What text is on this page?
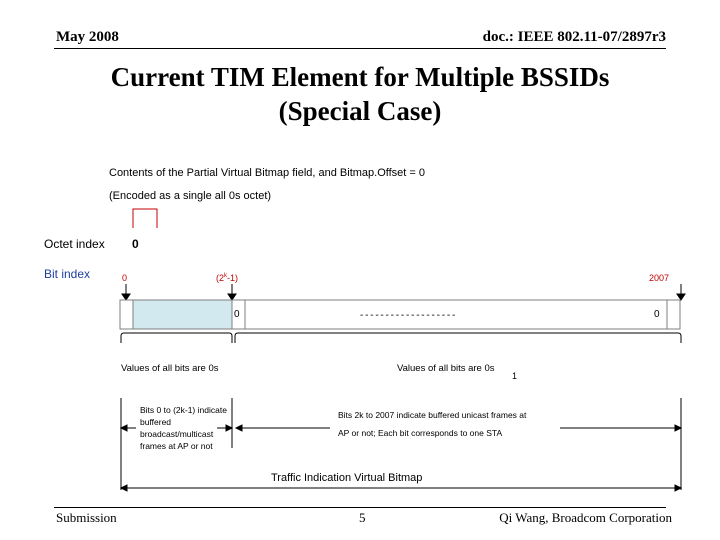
May 2008	doc.: IEEE 802.11-07/2897r3
Current TIM Element for Multiple BSSIDs
(Special Case)
Contents of the Partial Virtual Bitmap field, and Bitmap.Offset = 0
(Encoded as a single all 0s octet)
Octet index 0
Bit index	0	(2$^k$-1)	2007
0	0
- - - - - - - - - - - - - - - - - - -
Values of all bits are 0s	Values of all bits are 0s
1
Bits 0 to (2k-1) indicate buffered broadcast/multicast frames at AP or not
Bits 2k to 2007 indicate buffered unicast frames at
AP or not; Each bit corresponds to one STA
Traffic Indication Virtual Bitmap
Submission	5	Qi Wang, Broadcom Corporation
